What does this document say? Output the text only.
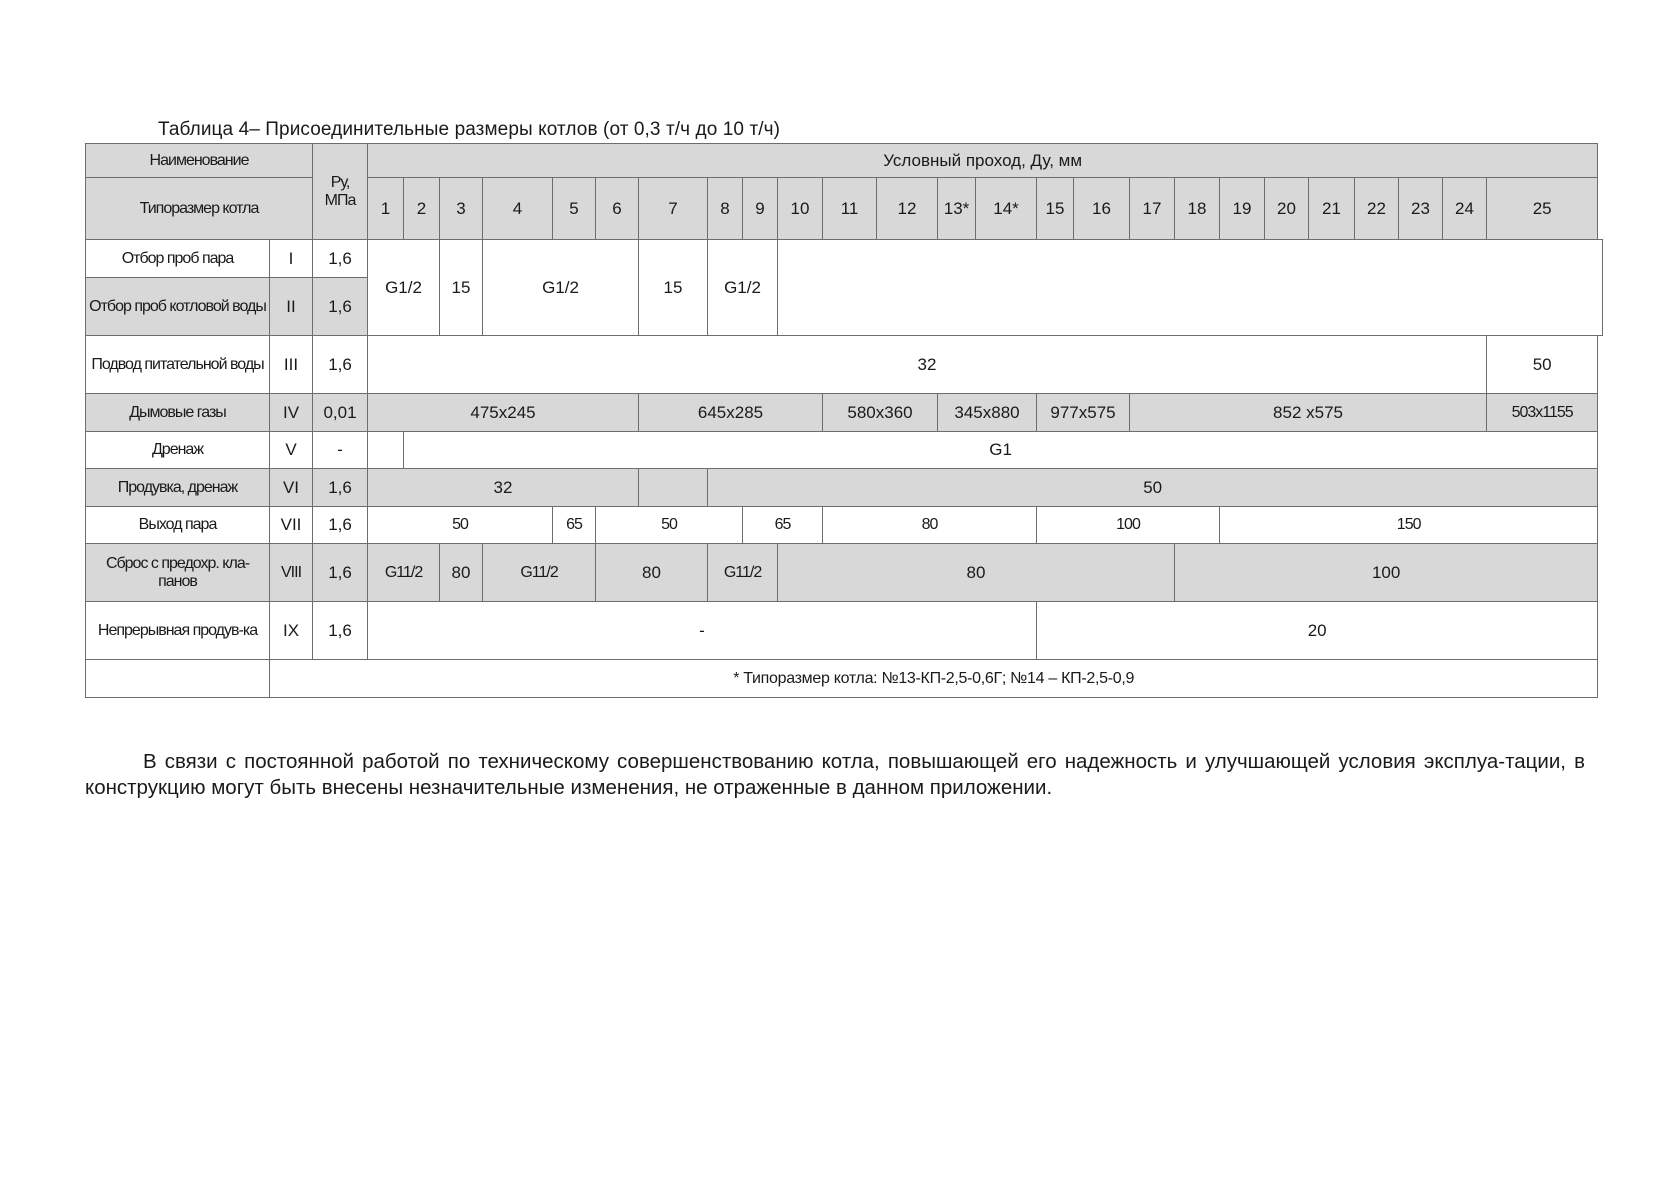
Таблица 4– Присоединительные размеры котлов (от 0,3 т/ч до 10 т/ч)
Наименование		Ру, МПа	Условный проход, Ду, мм																								
Типоразмер котла			1	2	3	4	5	6	7	8	9	10	11	12	13*	14*	15	16	17	18	19	20	21	22	23	24	25
Отбор проб пара	I	1,6	G1/2		15	G1/2			15	G1/2																	
Отбор проб котловой воды	II	1,6																									
Подвод питательной воды	III	1,6	32																								50
Дымовые газы	IV	0,01	475x245						645x285				580x360		345x880		977x575		852 x575								503x1155
Дренаж	V	-		G1																							
Продувка, дренаж	VI	1,6	32							50																	
Выход пара	VII	1,6	50				65	50			65		80				100				150						
Сброс с предохр. кла-панов	VIII	1,6	G11/2		80	G11/2		80		G11/2		80								100							
Непрерывная продув-ка	IX	1,6	-														20										
	* Типоразмер котла: №13-КП-2,5-0,6Г; №14 – КП-2,5-0,9																										

В связи с постоянной работой по техническому совершенствованию котла, повышающей его надежность и улучшающей условия эксплуа-тации, в конструкцию могут быть внесены незначительные изменения, не отраженные в данном приложении.
